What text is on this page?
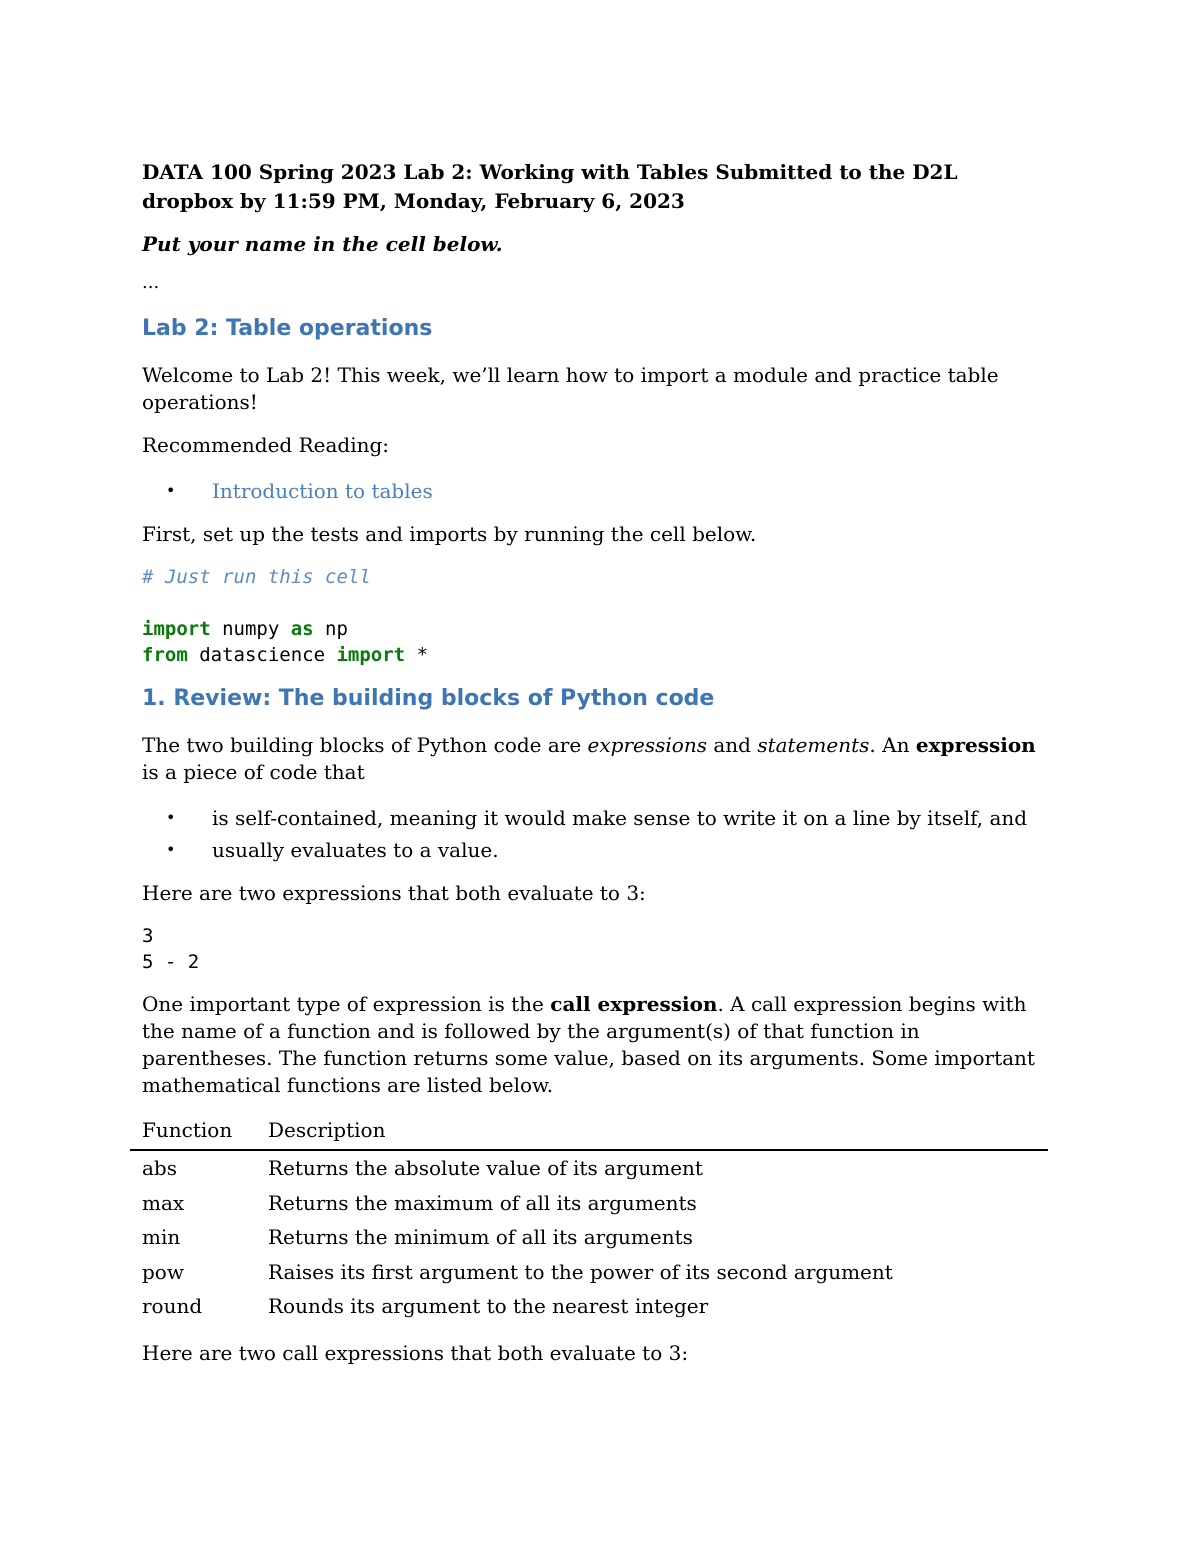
DATA 100 Spring 2023 Lab 2: Working with Tables Submitted to the D2L dropbox by 11:59 PM, Monday, February 6, 2023
Put your name in the cell below.
...
Lab 2: Table operations
Welcome to Lab 2! This week, we’ll learn how to import a module and practice table operations!
Recommended Reading:
• Introduction to tables
First, set up the tests and imports by running the cell below.
# Just run this cell

import numpy as np
from datascience import *
1. Review: The building blocks of Python code
The two building blocks of Python code are expressions and statements. An expression is a piece of code that
• is self-contained, meaning it would make sense to write it on a line by itself, and
• usually evaluates to a value.
Here are two expressions that both evaluate to 3:
3
5 - 2
One important type of expression is the call expression. A call expression begins with the name of a function and is followed by the argument(s) of that function in parentheses. The function returns some value, based on its arguments. Some important mathematical functions are listed below.
Function	Description
abs	Returns the absolute value of its argument
max	Returns the maximum of all its arguments
min	Returns the minimum of all its arguments
pow	Raises its first argument to the power of its second argument
round	Rounds its argument to the nearest integer
Here are two call expressions that both evaluate to 3:
